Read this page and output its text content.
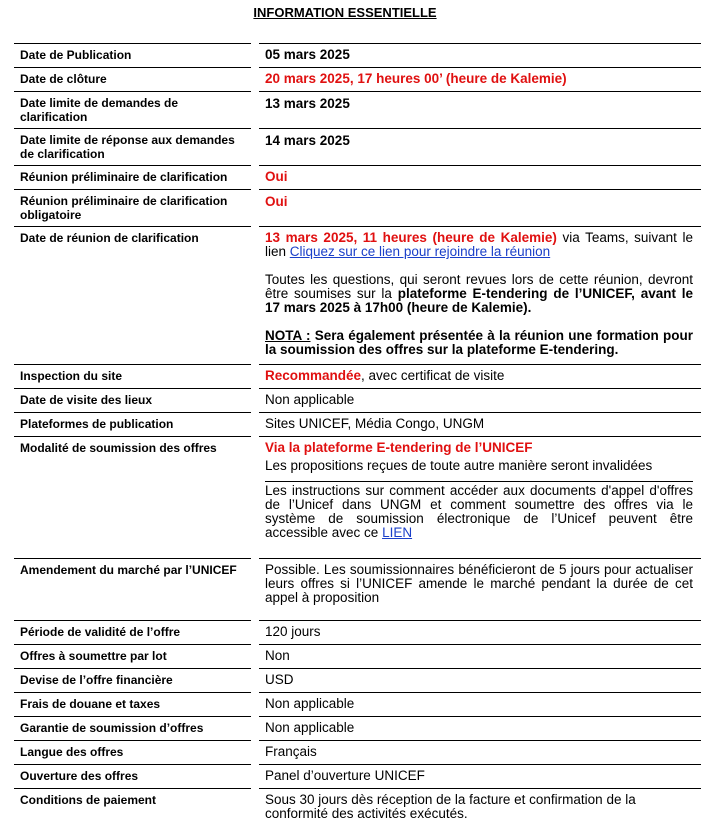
INFORMATION ESSENTIELLE
Date de Publication	05 mars 2025
Date de clôture	20 mars 2025, 17 heures 00’ (heure de Kalemie)
Date limite de demandes de clarification	13 mars 2025
Date limite de réponse aux demandes de clarification	14 mars 2025
Réunion préliminaire de clarification	Oui
Réunion préliminaire de clarification obligatoire	Oui
Date de réunion de clarification	13 mars 2025, 11 heures (heure de Kalemie) via Teams, suivant le lien Cliquez sur ce lien pour rejoindre la réunion
Toutes les questions, qui seront revues lors de cette réunion, devront être soumises sur la plateforme E-tendering de l’UNICEF, avant le 17 mars 2025 à 17h00 (heure de Kalemie).
NOTA : Sera également présentée à la réunion une formation pour la soumission des offres sur la plateforme E-tendering.

Inspection du site	Recommandée, avec certificat de visite
Date de visite des lieux	Non applicable
Plateformes de publication	Sites UNICEF, Média Congo, UNGM
Modalité de soumission des offres	Via la plateforme E-tendering de l’UNICEF
Les propositions reçues de toute autre manière seront invalidées
Les instructions sur comment accéder aux documents d'appel d'offres de l’Unicef dans UNGM et comment soumettre des offres via le système de soumission électronique de l’Unicef peuvent être accessible avec ce LIEN

Amendement du marché par l’UNICEF	Possible. Les soumissionnaires bénéficieront de 5 jours pour actualiser leurs offres si l’UNICEF amende le marché pendant la durée de cet appel à proposition
Période de validité de l’offre	120 jours
Offres à soumettre par lot	Non
Devise de l’offre financière	USD
Frais de douane et taxes	Non applicable
Garantie de soumission d’offres	Non applicable
Langue des offres	Français
Ouverture des offres	Panel d’ouverture UNICEF
Conditions de paiement	Sous 30 jours dès réception de la facture et confirmation de la conformité des activités exécutés.
